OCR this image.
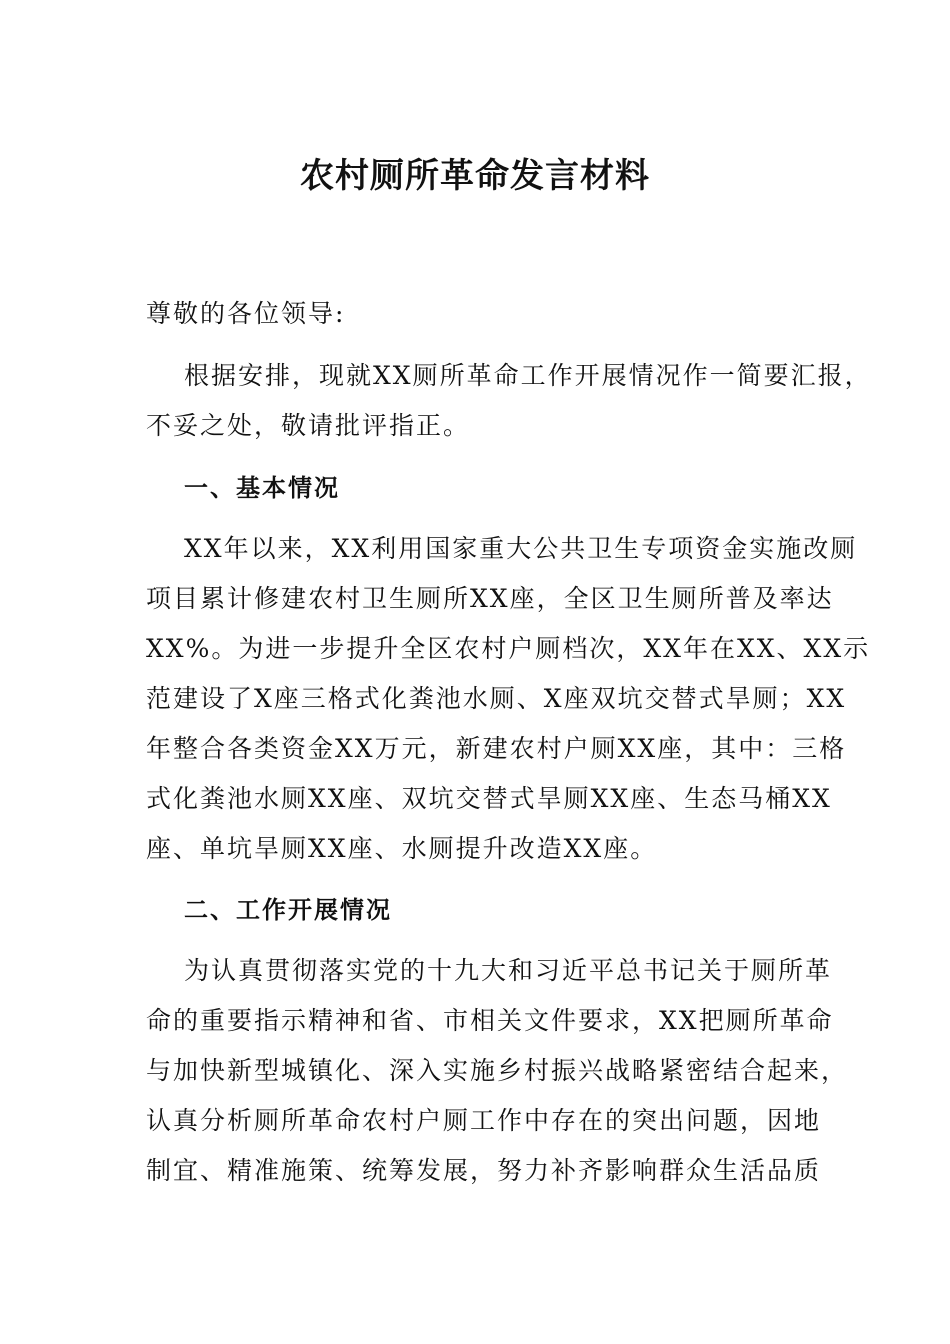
农村厕所革命发言材料
尊敬的各位领导:
根据安排，现就XX厕所革命工作开展情况作一简要汇报，
不妥之处，敬请批评指正。
一、基本情况
XX年以来，XX利用国家重大公共卫生专项资金实施改厕
项目累计修建农村卫生厕所XX座，全区卫生厕所普及率达
XX%。为进一步提升全区农村户厕档次，XX年在XX、XX示
范建设了X座三格式化粪池水厕、X座双坑交替式旱厕；XX
年整合各类资金XX万元，新建农村户厕XX座，其中：三格
式化粪池水厕XX座、双坑交替式旱厕XX座、生态马桶XX
座、单坑旱厕XX座、水厕提升改造XX座。
二、工作开展情况
为认真贯彻落实党的十九大和习近平总书记关于厕所革
命的重要指示精神和省、市相关文件要求，XX把厕所革命
与加快新型城镇化、深入实施乡村振兴战略紧密结合起来，
认真分析厕所革命农村户厕工作中存在的突出问题，因地
制宜、精准施策、统筹发展，努力补齐影响群众生活品质
